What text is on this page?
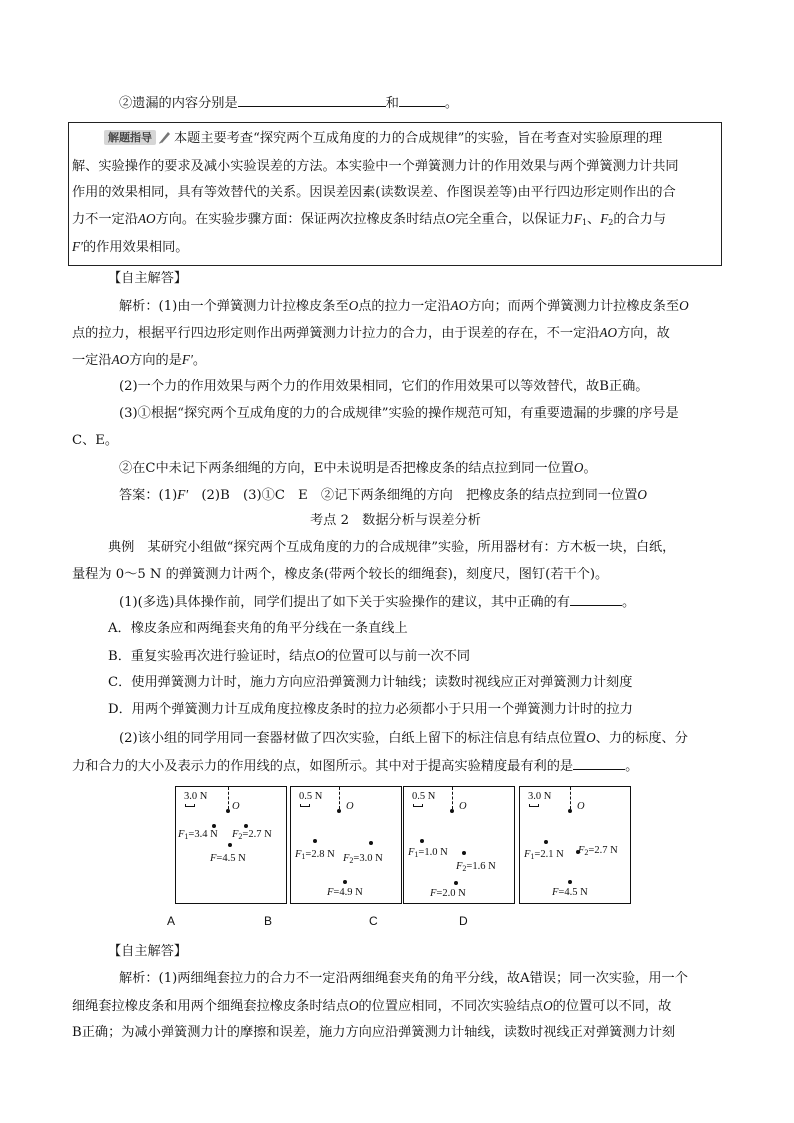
②遗漏的内容分别是	和	。
解题指导 本题主要考查“探究两个互成角度的力的合成规律”的实验，旨在考查对实验原理的理
解、实验操作的要求及减小实验误差的方法。本实验中一个弹簧测力计的作用效果与两个弹簧测力计共同
作用的效果相同，具有等效替代的关系。因误差因素(读数误差、作图误差等)由平行四边形定则作出的合
力不一定沿AO方向。在实验步骤方面：保证两次拉橡皮条时结点O完全重合，以保证力$F_1$、$F_2$的合力与
F′的作用效果相同。
【自主解答】
解析：(1)由一个弹簧测力计拉橡皮条至O点的拉力一定沿AO方向；而两个弹簧测力计拉橡皮条至O
点的拉力，根据平行四边形定则作出两弹簧测力计拉力的合力，由于误差的存在，不一定沿AO方向，故
一定沿AO方向的是F′。
(2)一个力的作用效果与两个力的作用效果相同，它们的作用效果可以等效替代，故B正确。
(3)①根据“探究两个互成角度的力的合成规律”实验的操作规范可知，有重要遗漏的步骤的序号是
C、E。
②在C中未记下两条细绳的方向，E中未说明是否把橡皮条的结点拉到同一位置O。
答案：(1)F′　(2)B　(3)①C　E　②记下两条细绳的方向　把橡皮条的结点拉到同一位置O
考点 2　数据分析与误差分析
典例　某研究小组做“探究两个互成角度的力的合成规律”实验，所用器材有：方木板一块，白纸，
量程为 0～5 N 的弹簧测力计两个，橡皮条(带两个较长的细绳套)，刻度尺，图钉(若干个)。
(1)(多选)具体操作前，同学们提出了如下关于实验操作的建议，其中正确的有	。
A．橡皮条应和两绳套夹角的角平分线在一条直线上
B．重复实验再次进行验证时，结点O的位置可以与前一次不同
C．使用弹簧测力计时，施力方向应沿弹簧测力计轴线；读数时视线应正对弹簧测力计刻度
D．用两个弹簧测力计互成角度拉橡皮条时的拉力必须都小于只用一个弹簧测力计时的拉力
(2)该小组的同学用同一套器材做了四次实验，白纸上留下的标注信息有结点位置O、力的标度、分
力和合力的大小及表示力的作用线的点，如图所示。其中对于提高实验精度最有利的是	。
3.0 N
O
$F_1=3.4$ N $F_2=2.7$ N
F=4.5 N
0.5 N
O
$F_1=2.8$ N $F_2=3.0$ N
F=4.9 N
0.5 N
O
$F_1=1.0$ N
$F_2=1.6$ N
F=2.0 N
3.0 N
O
$F_1=2.1$ N $F_2=2.7$ N
F=4.5 N
A	B	C	D
【自主解答】
解析：(1)两细绳套拉力的合力不一定沿两细绳套夹角的角平分线，故A错误；同一次实验，用一个
细绳套拉橡皮条和用两个细绳套拉橡皮条时结点O的位置应相同，不同次实验结点O的位置可以不同，故
B正确；为减小弹簧测力计的摩擦和误差，施力方向应沿弹簧测力计轴线，读数时视线正对弹簧测力计刻
